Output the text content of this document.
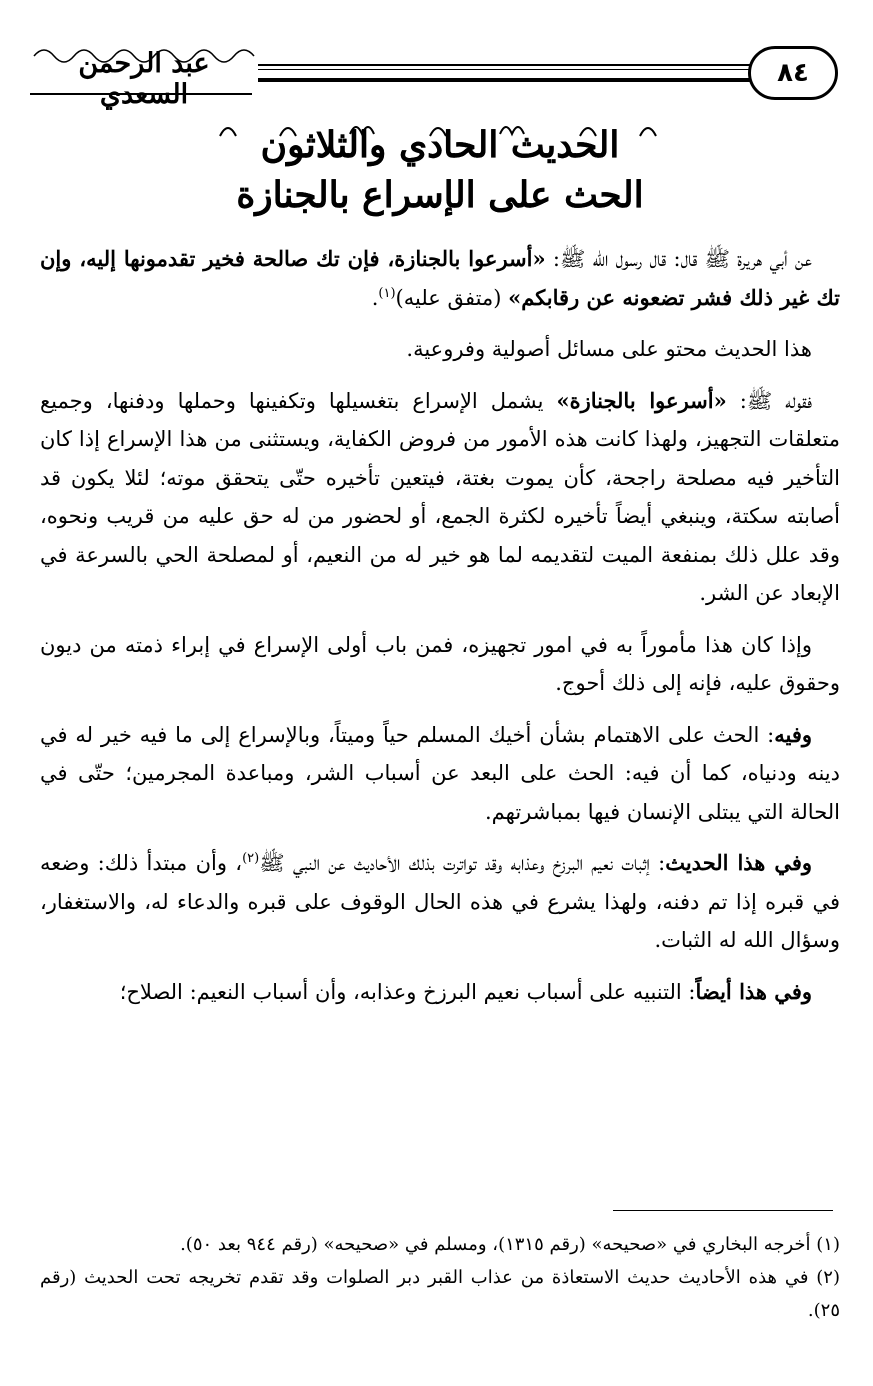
عبد الرحمن السعدي
٨٤
الحديث الحادي والثلاثون
الحث على الإسراع بالجنازة

عن أبي هريرة ﷺ قال: قال رسول الله ﷺ: «أسرعوا بالجنازة، فإن تك صالحة فخير تقدمونها إليه، وإن تك غير ذلك فشر تضعونه عن رقابكم» (متفق عليه)$^{(١)}$.

هذا الحديث محتو على مسائل أصولية وفروعية.

فقوله ﷺ: «أسرعوا بالجنازة» يشمل الإسراع بتغسيلها وتكفينها وحملها ودفنها، وجميع متعلقات التجهيز، ولهذا كانت هذه الأمور من فروض الكفاية، ويستثنى من هذا الإسراع إذا كان التأخير فيه مصلحة راجحة، كأن يموت بغتة، فيتعين تأخيره حتّى يتحقق موته؛ لئلا يكون قد أصابته سكتة، وينبغي أيضاً تأخيره لكثرة الجمع، أو لحضور من له حق عليه من قريب ونحوه، وقد علل ذلك بمنفعة الميت لتقديمه لما هو خير له من النعيم، أو لمصلحة الحي بالسرعة في الإبعاد عن الشر.

وإذا كان هذا مأموراً به في امور تجهيزه، فمن باب أولى الإسراع في إبراء ذمته من ديون وحقوق عليه، فإنه إلى ذلك أحوج.

وفيه: الحث على الاهتمام بشأن أخيك المسلم حياً وميتاً، وبالإسراع إلى ما فيه خير له في دينه ودنياه، كما أن فيه: الحث على البعد عن أسباب الشر، ومباعدة المجرمين؛ حتّى في الحالة التي يبتلى الإنسان فيها بمباشرتهم.

وفي هذا الحديث: إثبات نعيم البرزخ وعذابه وقد تواترت بذلك الأحاديث عن النبي ﷺ$^{(٢)}$، وأن مبتدأ ذلك: وضعه في قبره إذا تم دفنه، ولهذا يشرع في هذه الحال الوقوف على قبره والدعاء له، والاستغفار، وسؤال الله له الثبات.

وفي هذا أيضاً: التنبيه على أسباب نعيم البرزخ وعذابه، وأن أسباب النعيم: الصلاح؛

(١) أخرجه البخاري في «صحيحه» (رقم ١٣١٥)، ومسلم في «صحيحه» (رقم ٩٤٤ بعد ٥٠).

(٢) في هذه الأحاديث حديث الاستعاذة من عذاب القبر دبر الصلوات وقد تقدم تخريجه تحت الحديث (رقم ٢٥).
